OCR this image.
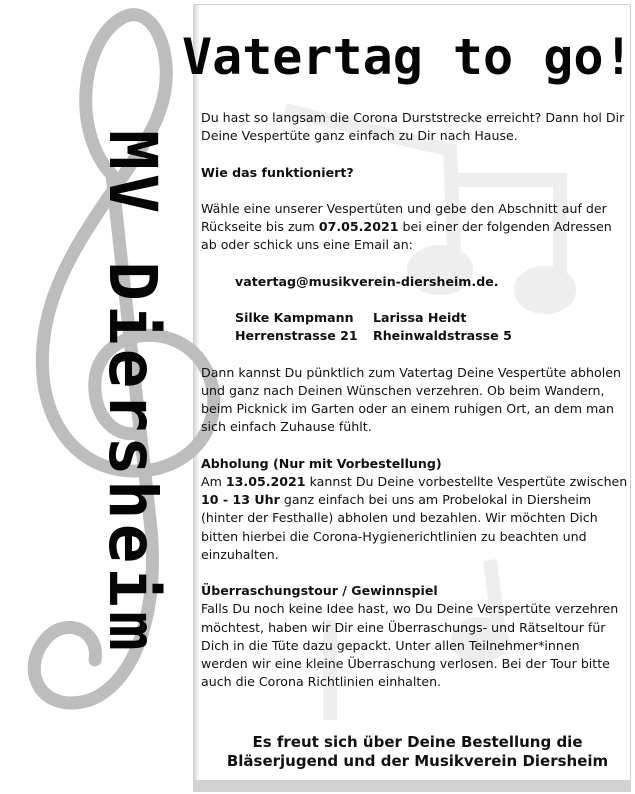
MV Diersheim
Vatertag to go!

Du hast so langsam die Corona Durststrecke erreicht? Dann hol Dir Deine Vespertüte ganz einfach zu Dir nach Hause.

Wie das funktioniert?

Wähle eine unserer Vespertüten und gebe den Abschnitt auf der Rückseite bis zum 07.05.2021 bei einer der folgenden Adressen ab oder schick uns eine Email an:

vatertag@musikverein-diersheim.de.

Silke Kampmann
Herrenstrasse 21
Larissa Heidt
Rheinwaldstrasse 5

Dann kannst Du pünktlich zum Vatertag Deine Vespertüte abholen und ganz nach Deinen Wünschen verzehren. Ob beim Wandern, beim Picknick im Garten oder an einem ruhigen Ort, an dem man sich einfach Zuhause fühlt.

Abholung (Nur mit Vorbestellung)
Am 13.05.2021 kannst Du Deine vorbestellte Vespertüte zwischen 10 - 13 Uhr ganz einfach bei uns am Probelokal in Diersheim (hinter der Festhalle) abholen und bezahlen. Wir möchten Dich bitten hierbei die Corona-Hygienerichtlinien zu beachten und einzuhalten.
Überraschungstour / Gewinnspiel
Falls Du noch keine Idee hast, wo Du Deine Verspertüte verzehren möchtest, haben wir Dir eine Überraschungs- und Rätseltour für Dich in die Tüte dazu gepackt. Unter allen Teilnehmer*innen werden wir eine kleine Überraschung verlosen. Bei der Tour bitte auch die Corona Richtlinien einhalten.
Es freut sich über Deine Bestellung die
Bläserjugend und der Musikverein Diersheim
